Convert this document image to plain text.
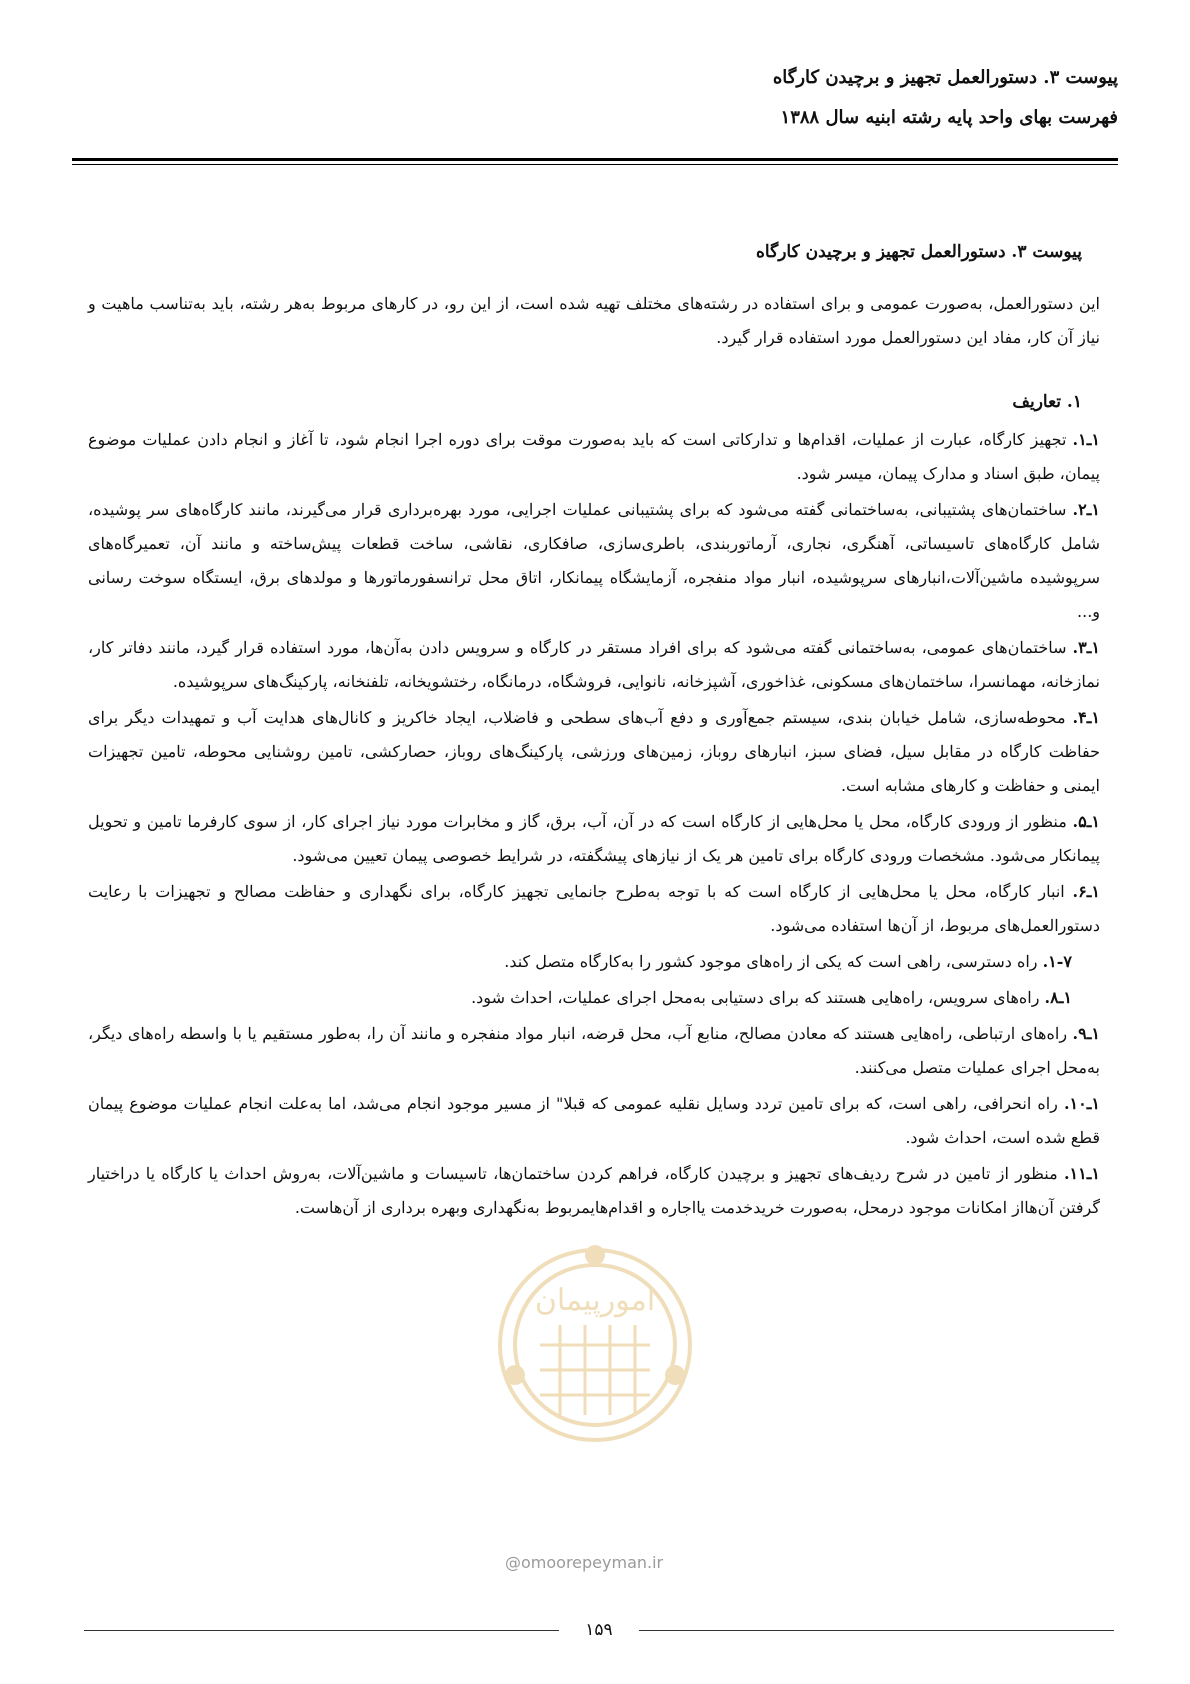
پیوست ۳. دستورالعمل تجهیز و برچیدن کارگاه

فهرست بهای واحد پایه رشته ابنیه سال ۱۳۸۸

پیوست ۳. دستورالعمل تجهیز و برچیدن کارگاه

این دستورالعمل، به‌صورت عمومی و برای استفاده در رشته‌های مختلف تهیه شده است، از این رو، در کارهای مربوط به‌هر رشته، باید به‌تناسب ماهیت و نیاز آن کار، مفاد این دستورالعمل مورد استفاده قرار گیرد.

۱. تعاریف

۱ـ۱. تجهیز کارگاه، عبارت از عملیات، اقدام‌ها و تدارکاتی است که باید به‌صورت موقت برای دوره اجرا انجام شود، تا آغاز و انجام دادن عملیات موضوع پیمان، طبق اسناد و مدارک پیمان، میسر شود.

۱ـ۲. ساختمان‌های پشتیبانی، به‌ساختمانی گفته می‌شود که برای پشتیبانی عملیات اجرایی، مورد بهره‌برداری قرار می‌گیرند، مانند کارگاه‌های سر پوشیده، شامل کارگاه‌های تاسیساتی، آهنگری، نجاری، آرماتوربندی، باطری‌سازی، صافکاری، نقاشی، ساخت قطعات پیش‌ساخته و مانند آن، تعمیرگاه‌های سرپوشیده ماشین‌آلات،انبارهای سرپوشیده، انبار مواد منفجره، آزمایشگاه پیمانکار، اتاق محل ترانسفورماتورها و مولدهای برق، ایستگاه سوخت رسانی و...

۱ـ۳. ساختمان‌های عمومی، به‌ساختمانی گفته می‌شود که برای افراد مستقر در کارگاه و سرویس دادن به‌آن‌ها، مورد استفاده قرار گیرد، مانند دفاتر کار، نمازخانه، مهمانسرا، ساختمان‌های مسکونی، غذاخوری، آشپزخانه، نانوایی، فروشگاه، درمانگاه، رختشویخانه، تلفنخانه، پارکینگ‌های سرپوشیده.

۱ـ۴. محوطه‌سازی، شامل خیابان بندی، سیستم جمع‌آوری و دفع آب‌های سطحی و فاضلاب، ایجاد خاکریز و کانال‌های هدایت آب و تمهیدات دیگر برای حفاظت کارگاه در مقابل سیل، فضای سبز، انبارهای روباز، زمین‌های ورزشی، پارکینگ‌های روباز، حصارکشی، تامین روشنایی محوطه، تامین تجهیزات ایمنی و حفاظت و کارهای مشابه است.

۱ـ۵. منظور از ورودی کارگاه، محل یا محل‌هایی از کارگاه است که در آن، آب، برق، گاز و مخابرات مورد نیاز اجرای کار، از سوی کارفرما تامین و تحویل پیمانکار می‌شود. مشخصات ورودی کارگاه برای تامین هر یک از نیازهای پیشگفته، در شرایط خصوصی پیمان تعیین می‌شود.

۱ـ۶. انبار کارگاه، محل یا محل‌هایی از کارگاه است که با توجه به‌طرح جانمایی تجهیز کارگاه، برای نگهداری و حفاظت مصالح و تجهیزات با رعایت دستورالعمل‌های مربوط، از آن‌ها استفاده می‌شود.

۱-۷. راه دسترسی، راهی است که یکی از راه‌های موجود کشور را به‌کارگاه متصل کند.

۱ـ۸. راه‌های سرویس، راه‌هایی هستند که برای دستیابی به‌محل اجرای عملیات، احداث شود.

۱ـ۹. راه‌های ارتباطی، راه‌هایی هستند که معادن مصالح، منابع آب، محل قرضه، انبار مواد منفجره و مانند آن را، به‌طور مستقیم یا با واسطه راه‌های دیگر، به‌محل اجرای عملیات متصل می‌کنند.

۱ـ۱۰. راه انحرافی، راهی است، که برای تامین تردد وسایل نقلیه عمومی که قبلا" از مسیر موجود انجام می‌شد، اما به‌علت انجام عملیات موضوع پیمان قطع شده است، احداث شود.

۱ـ۱۱. منظور از تامین در شرح ردیف‌های تجهیز و برچیدن کارگاه، فراهم کردن ساختمان‌ها، تاسیسات و ماشین‌آلات، به‌روش احداث یا کارگاه یا دراختیار گرفتن آن‌هااز امکانات موجود درمحل، به‌صورت خریدخدمت یااجاره و اقدام‌هایمربوط به‌نگهداری وبهره برداری از آن‌هاست.

امورپیمان
@omoorepeyman.ir
۱۵۹
